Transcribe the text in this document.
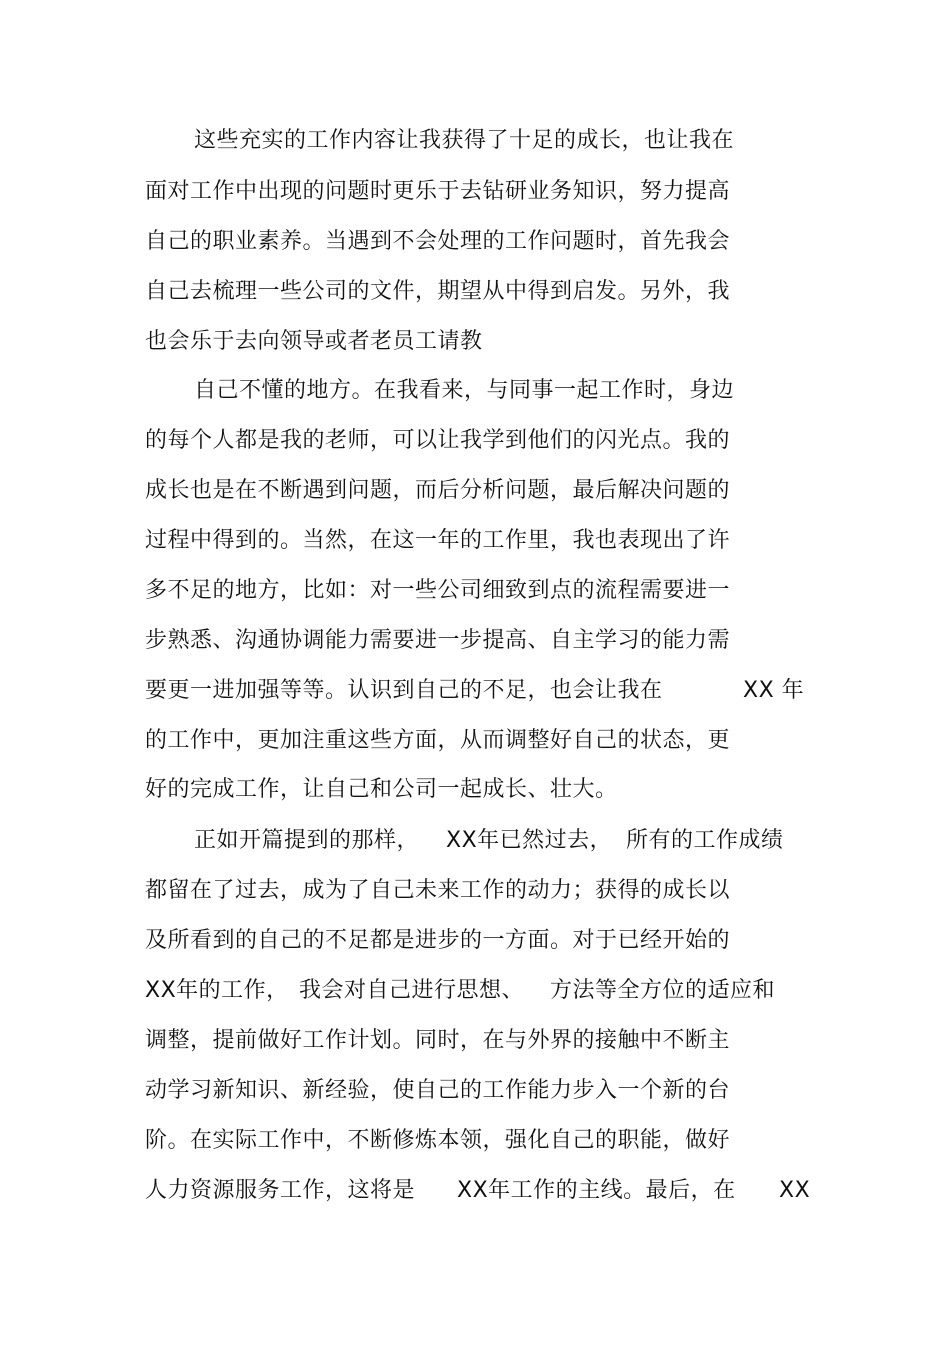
这些充实的工作内容让我获得了十足的成长，也让我在
面对工作中出现的问题时更乐于去钻研业务知识，努力提高
自己的职业素养。当遇到不会处理的工作问题时，首先我会
自己去梳理一些公司的文件，期望从中得到启发。另外，我
也会乐于去向领导或者老员工请教
自己不懂的地方。在我看来，与同事一起工作时，身边
的每个人都是我的老师，可以让我学到他们的闪光点。我的
成长也是在不断遇到问题，而后分析问题，最后解决问题的
过程中得到的。当然，在这一年的工作里，我也表现出了许
多不足的地方，比如：对一些公司细致到点的流程需要进一
步熟悉、沟通协调能力需要进一步提高、自主学习的能力需

要更一进加强等等。认识到自己的不足，也会让我在

	XX 年

的工作中，更加注重这些方面，从而调整好自己的状态，更
好的完成工作，让自己和公司一起成长、壮大。

正如开篇提到的那样，

XX年已然过去，

所有的工作成绩

都留在了过去，成为了自己未来工作的动力；获得的成长以
及所看到的自己的不足都是进步的一方面。对于已经开始的

XX年的工作，

我会对自己进行思想、

方法等全方位的适应和

调整，提前做好工作计划。同时，在与外界的接触中不断主
动学习新知识、新经验，使自己的工作能力步入一个新的台
阶。在实际工作中，不断修炼本领，强化自己的职能，做好

人力资源服务工作，这将是

XX年工作的主线。最后，在

XX
